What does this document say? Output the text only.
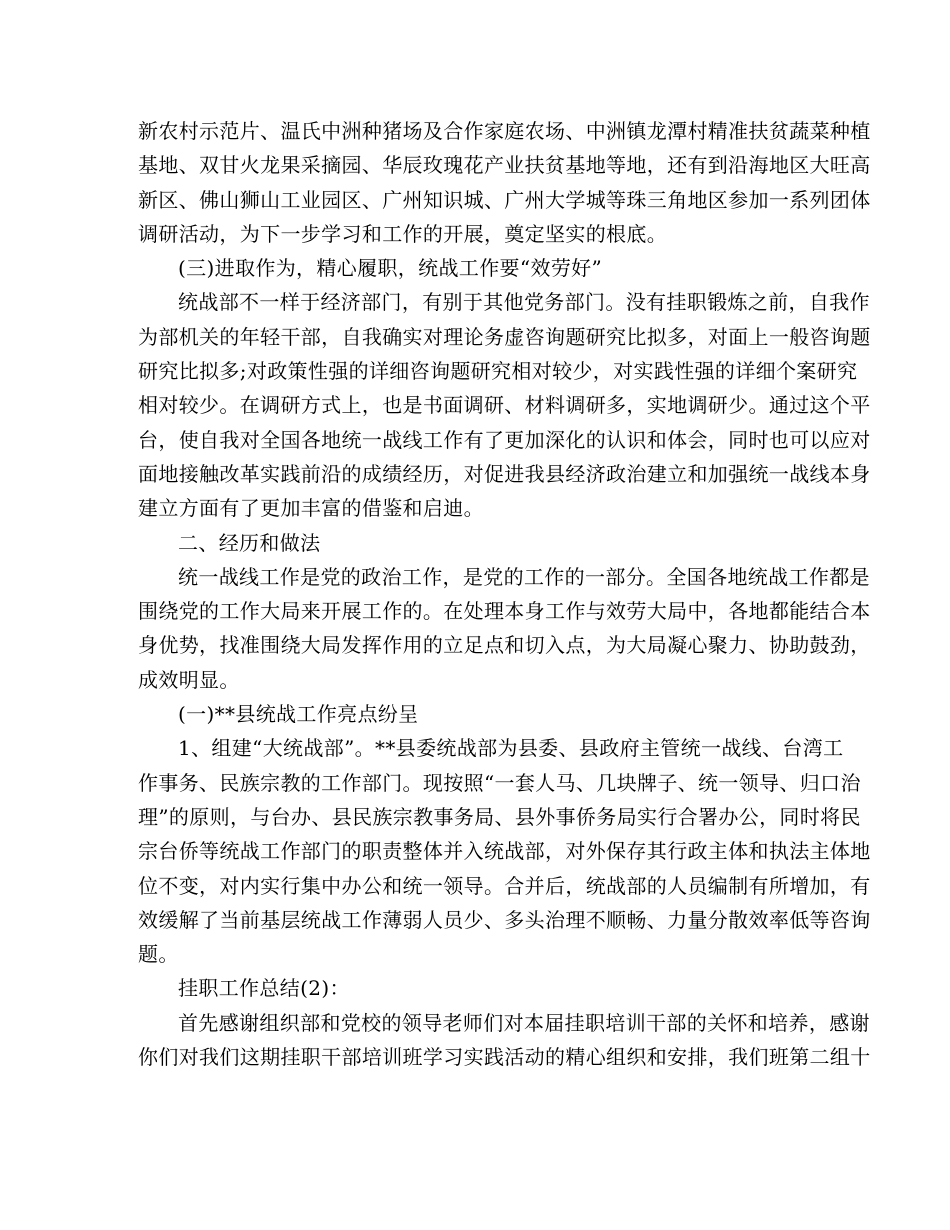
新农村示范片、温氏中洲种猪场及合作家庭农场、中洲镇龙潭村精准扶贫蔬菜种植
基地、双甘火龙果采摘园、华辰玫瑰花产业扶贫基地等地，还有到沿海地区大旺高
新区、佛山狮山工业园区、广州知识城、广州大学城等珠三角地区参加一系列团体
调研活动，为下一步学习和工作的开展，奠定坚实的根底。
(三)进取作为，精心履职，统战工作要“效劳好”
统战部不一样于经济部门，有别于其他党务部门。没有挂职锻炼之前，自我作
为部机关的年轻干部，自我确实对理论务虚咨询题研究比拟多，对面上一般咨询题
研究比拟多;对政策性强的详细咨询题研究相对较少，对实践性强的详细个案研究
相对较少。在调研方式上，也是书面调研、材料调研多，实地调研少。通过这个平
台，使自我对全国各地统一战线工作有了更加深化的认识和体会，同时也可以应对
面地接触改革实践前沿的成绩经历，对促进我县经济政治建立和加强统一战线本身
建立方面有了更加丰富的借鉴和启迪。
二、经历和做法
统一战线工作是党的政治工作，是党的工作的一部分。全国各地统战工作都是
围绕党的工作大局来开展工作的。在处理本身工作与效劳大局中，各地都能结合本
身优势，找准围绕大局发挥作用的立足点和切入点，为大局凝心聚力、协助鼓劲，
成效明显。
(一)**县统战工作亮点纷呈
1、组建“大统战部”。**县委统战部为县委、县政府主管统一战线、台湾工
作事务、民族宗教的工作部门。现按照“一套人马、几块牌子、统一领导、归口治
理”的原则，与台办、县民族宗教事务局、县外事侨务局实行合署办公，同时将民
宗台侨等统战工作部门的职责整体并入统战部，对外保存其行政主体和执法主体地
位不变，对内实行集中办公和统一领导。合并后，统战部的人员编制有所增加，有
效缓解了当前基层统战工作薄弱人员少、多头治理不顺畅、力量分散效率低等咨询
题。
挂职工作总结(2)：
首先感谢组织部和党校的领导老师们对本届挂职培训干部的关怀和培养，感谢
你们对我们这期挂职干部培训班学习实践活动的精心组织和安排，我们班第二组十
